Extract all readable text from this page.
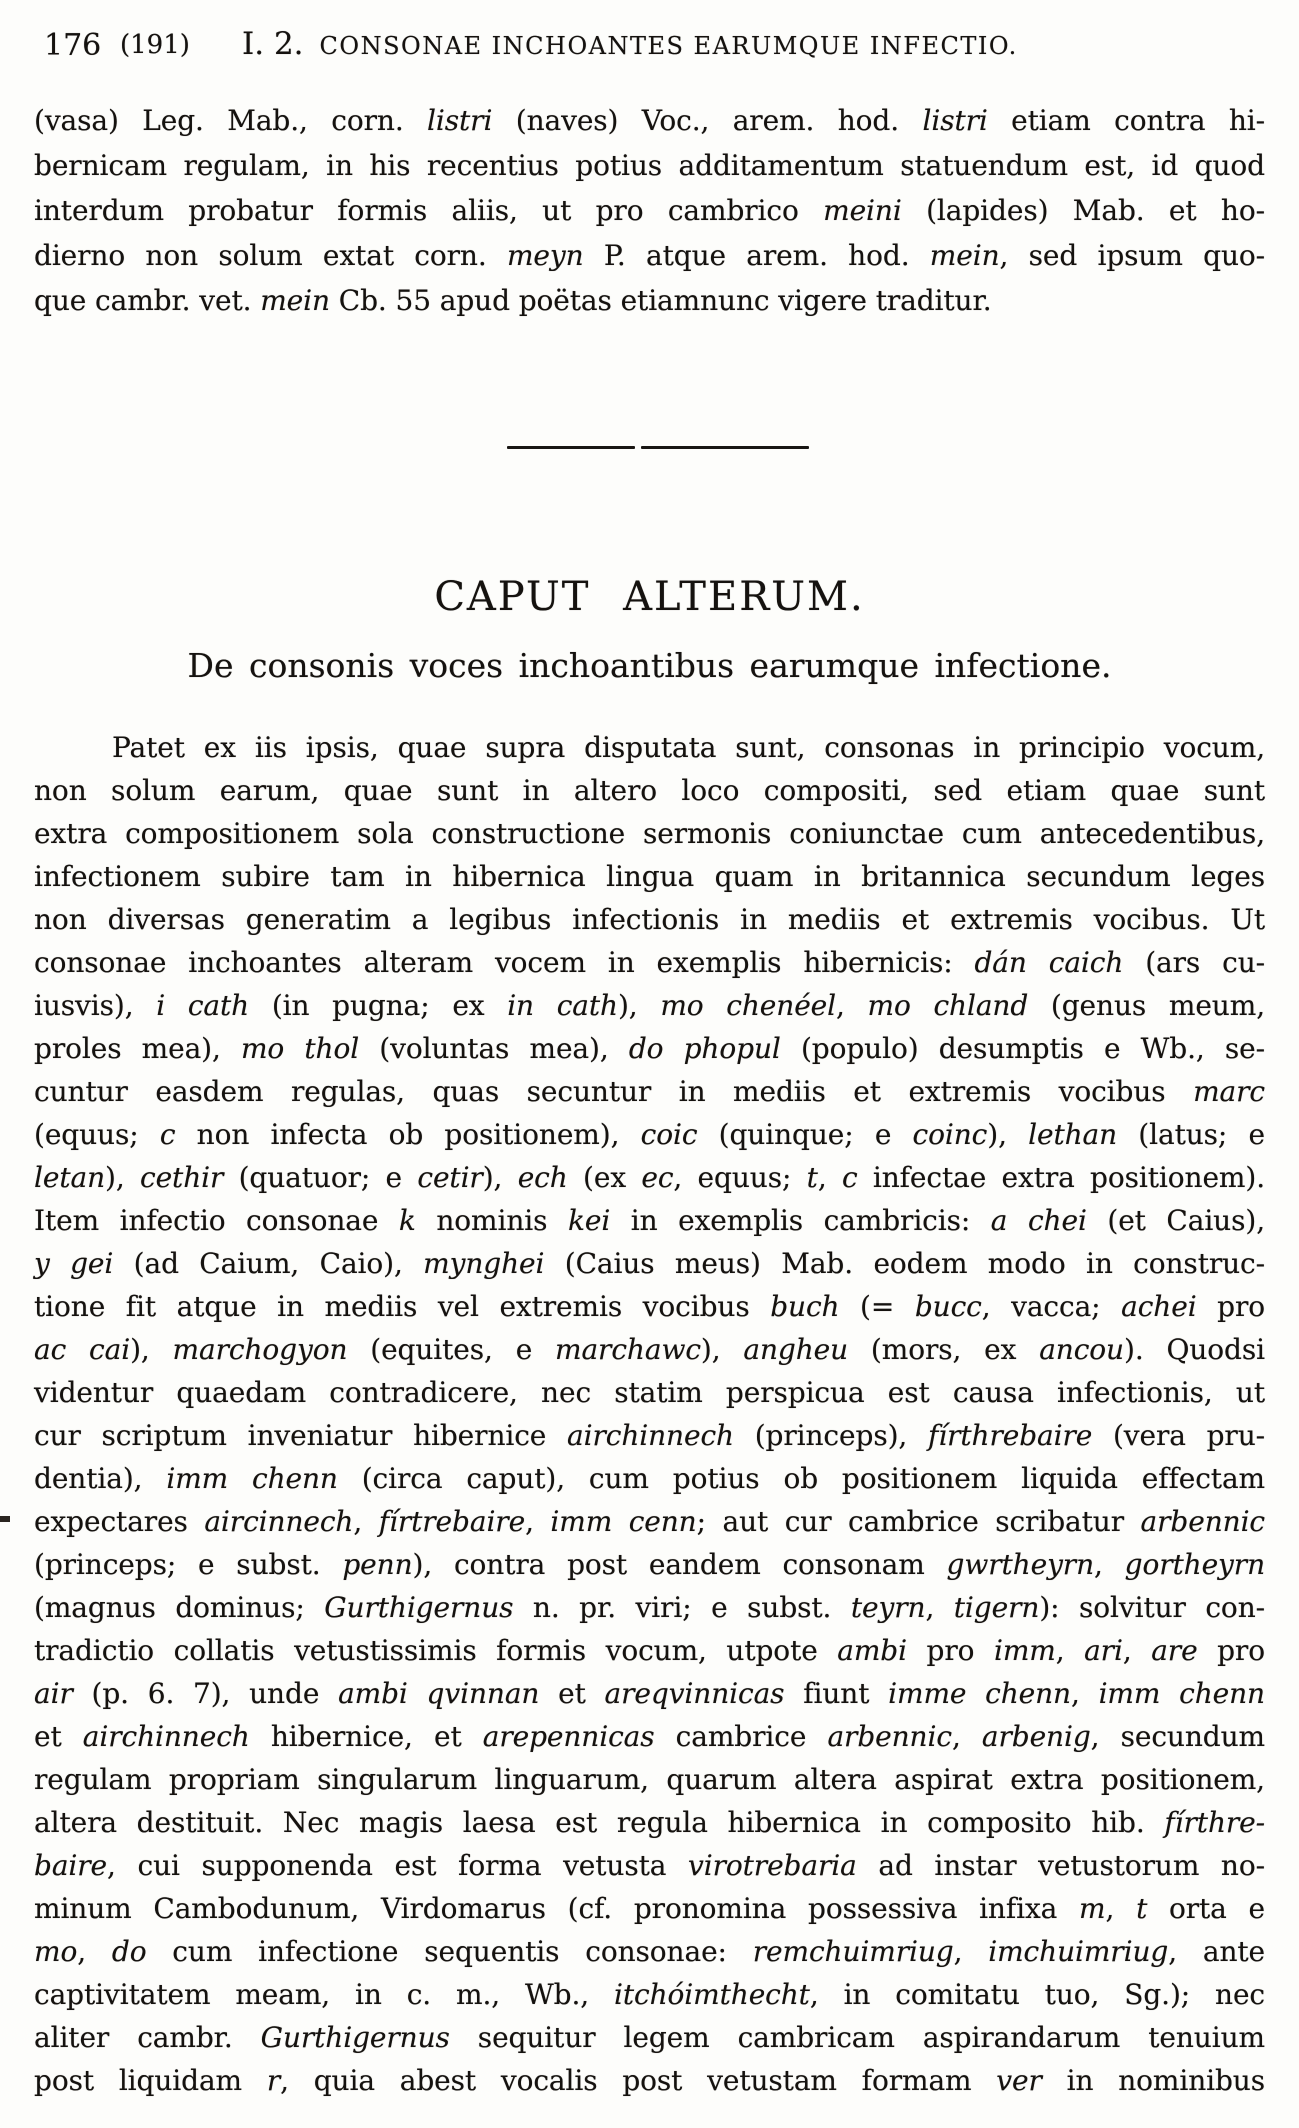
176 (191) I. 2. CONSONAE INCHOANTES EARUMQUE INFECTIO.
(vasa) Leg. Mab., corn. listri (naves) Voc., arem. hod. listri etiam contra hi-
bernicam regulam, in his recentius potius additamentum statuendum est, id quod
interdum probatur formis aliis, ut pro cambrico meini (lapides) Mab. et ho-
dierno non solum extat corn. meyn P. atque arem. hod. mein, sed ipsum quo-
que cambr. vet. mein Cb. 55 apud poëtas etiamnunc vigere traditur.
CAPUT ALTERUM.
De consonis voces inchoantibus earumque infectione.
Patet ex iis ipsis, quae supra disputata sunt, consonas in principio vocum,
non solum earum, quae sunt in altero loco compositi, sed etiam quae sunt
extra compositionem sola constructione sermonis coniunctae cum antecedentibus,
infectionem subire tam in hibernica lingua quam in britannica secundum leges
non diversas generatim a legibus infectionis in mediis et extremis vocibus. Ut
consonae inchoantes alteram vocem in exemplis hibernicis: dán caich (ars cu-
iusvis), i cath (in pugna; ex in cath), mo chenéel, mo chland (genus meum,
proles mea), mo thol (voluntas mea), do phopul (populo) desumptis e Wb., se-
cuntur easdem regulas, quas secuntur in mediis et extremis vocibus marc
(equus; c non infecta ob positionem), coic (quinque; e coinc), lethan (latus; e
letan), cethir (quatuor; e cetir), ech (ex ec, equus; t, c infectae extra positionem).
Item infectio consonae k nominis kei in exemplis cambricis: a chei (et Caius),
y gei (ad Caium, Caio), mynghei (Caius meus) Mab. eodem modo in construc-
tione fit atque in mediis vel extremis vocibus buch (= bucc, vacca; achei pro
ac cai), marchogyon (equites, e marchawc), angheu (mors, ex ancou). Quodsi
videntur quaedam contradicere, nec statim perspicua est causa infectionis, ut
cur scriptum inveniatur hibernice airchinnech (princeps), fírthrebaire (vera pru-
dentia), imm chenn (circa caput), cum potius ob positionem liquida effectam
expectares aircinnech, fírtrebaire, imm cenn; aut cur cambrice scribatur arbennic
(princeps; e subst. penn), contra post eandem consonam gwrtheyrn, gortheyrn
(magnus dominus; Gurthigernus n. pr. viri; e subst. teyrn, tigern): solvitur con-
tradictio collatis vetustissimis formis vocum, utpote ambi pro imm, ari, are pro
air (p. 6. 7), unde ambi qvinnan et areqvinnicas fiunt imme chenn, imm chenn
et airchinnech hibernice, et arepennicas cambrice arbennic, arbenig, secundum
regulam propriam singularum linguarum, quarum altera aspirat extra positionem,
altera destituit. Nec magis laesa est regula hibernica in composito hib. fírthre-
baire, cui supponenda est forma vetusta virotrebaria ad instar vetustorum no-
minum Cambodunum, Virdomarus (cf. pronomina possessiva infixa m, t orta e
mo, do cum infectione sequentis consonae: remchuimriug, imchuimriug, ante
captivitatem meam, in c. m., Wb., itchóimthecht, in comitatu tuo, Sg.); nec
aliter cambr. Gurthigernus sequitur legem cambricam aspirandarum tenuium
post liquidam r, quia abest vocalis post vetustam formam ver in nominibus
